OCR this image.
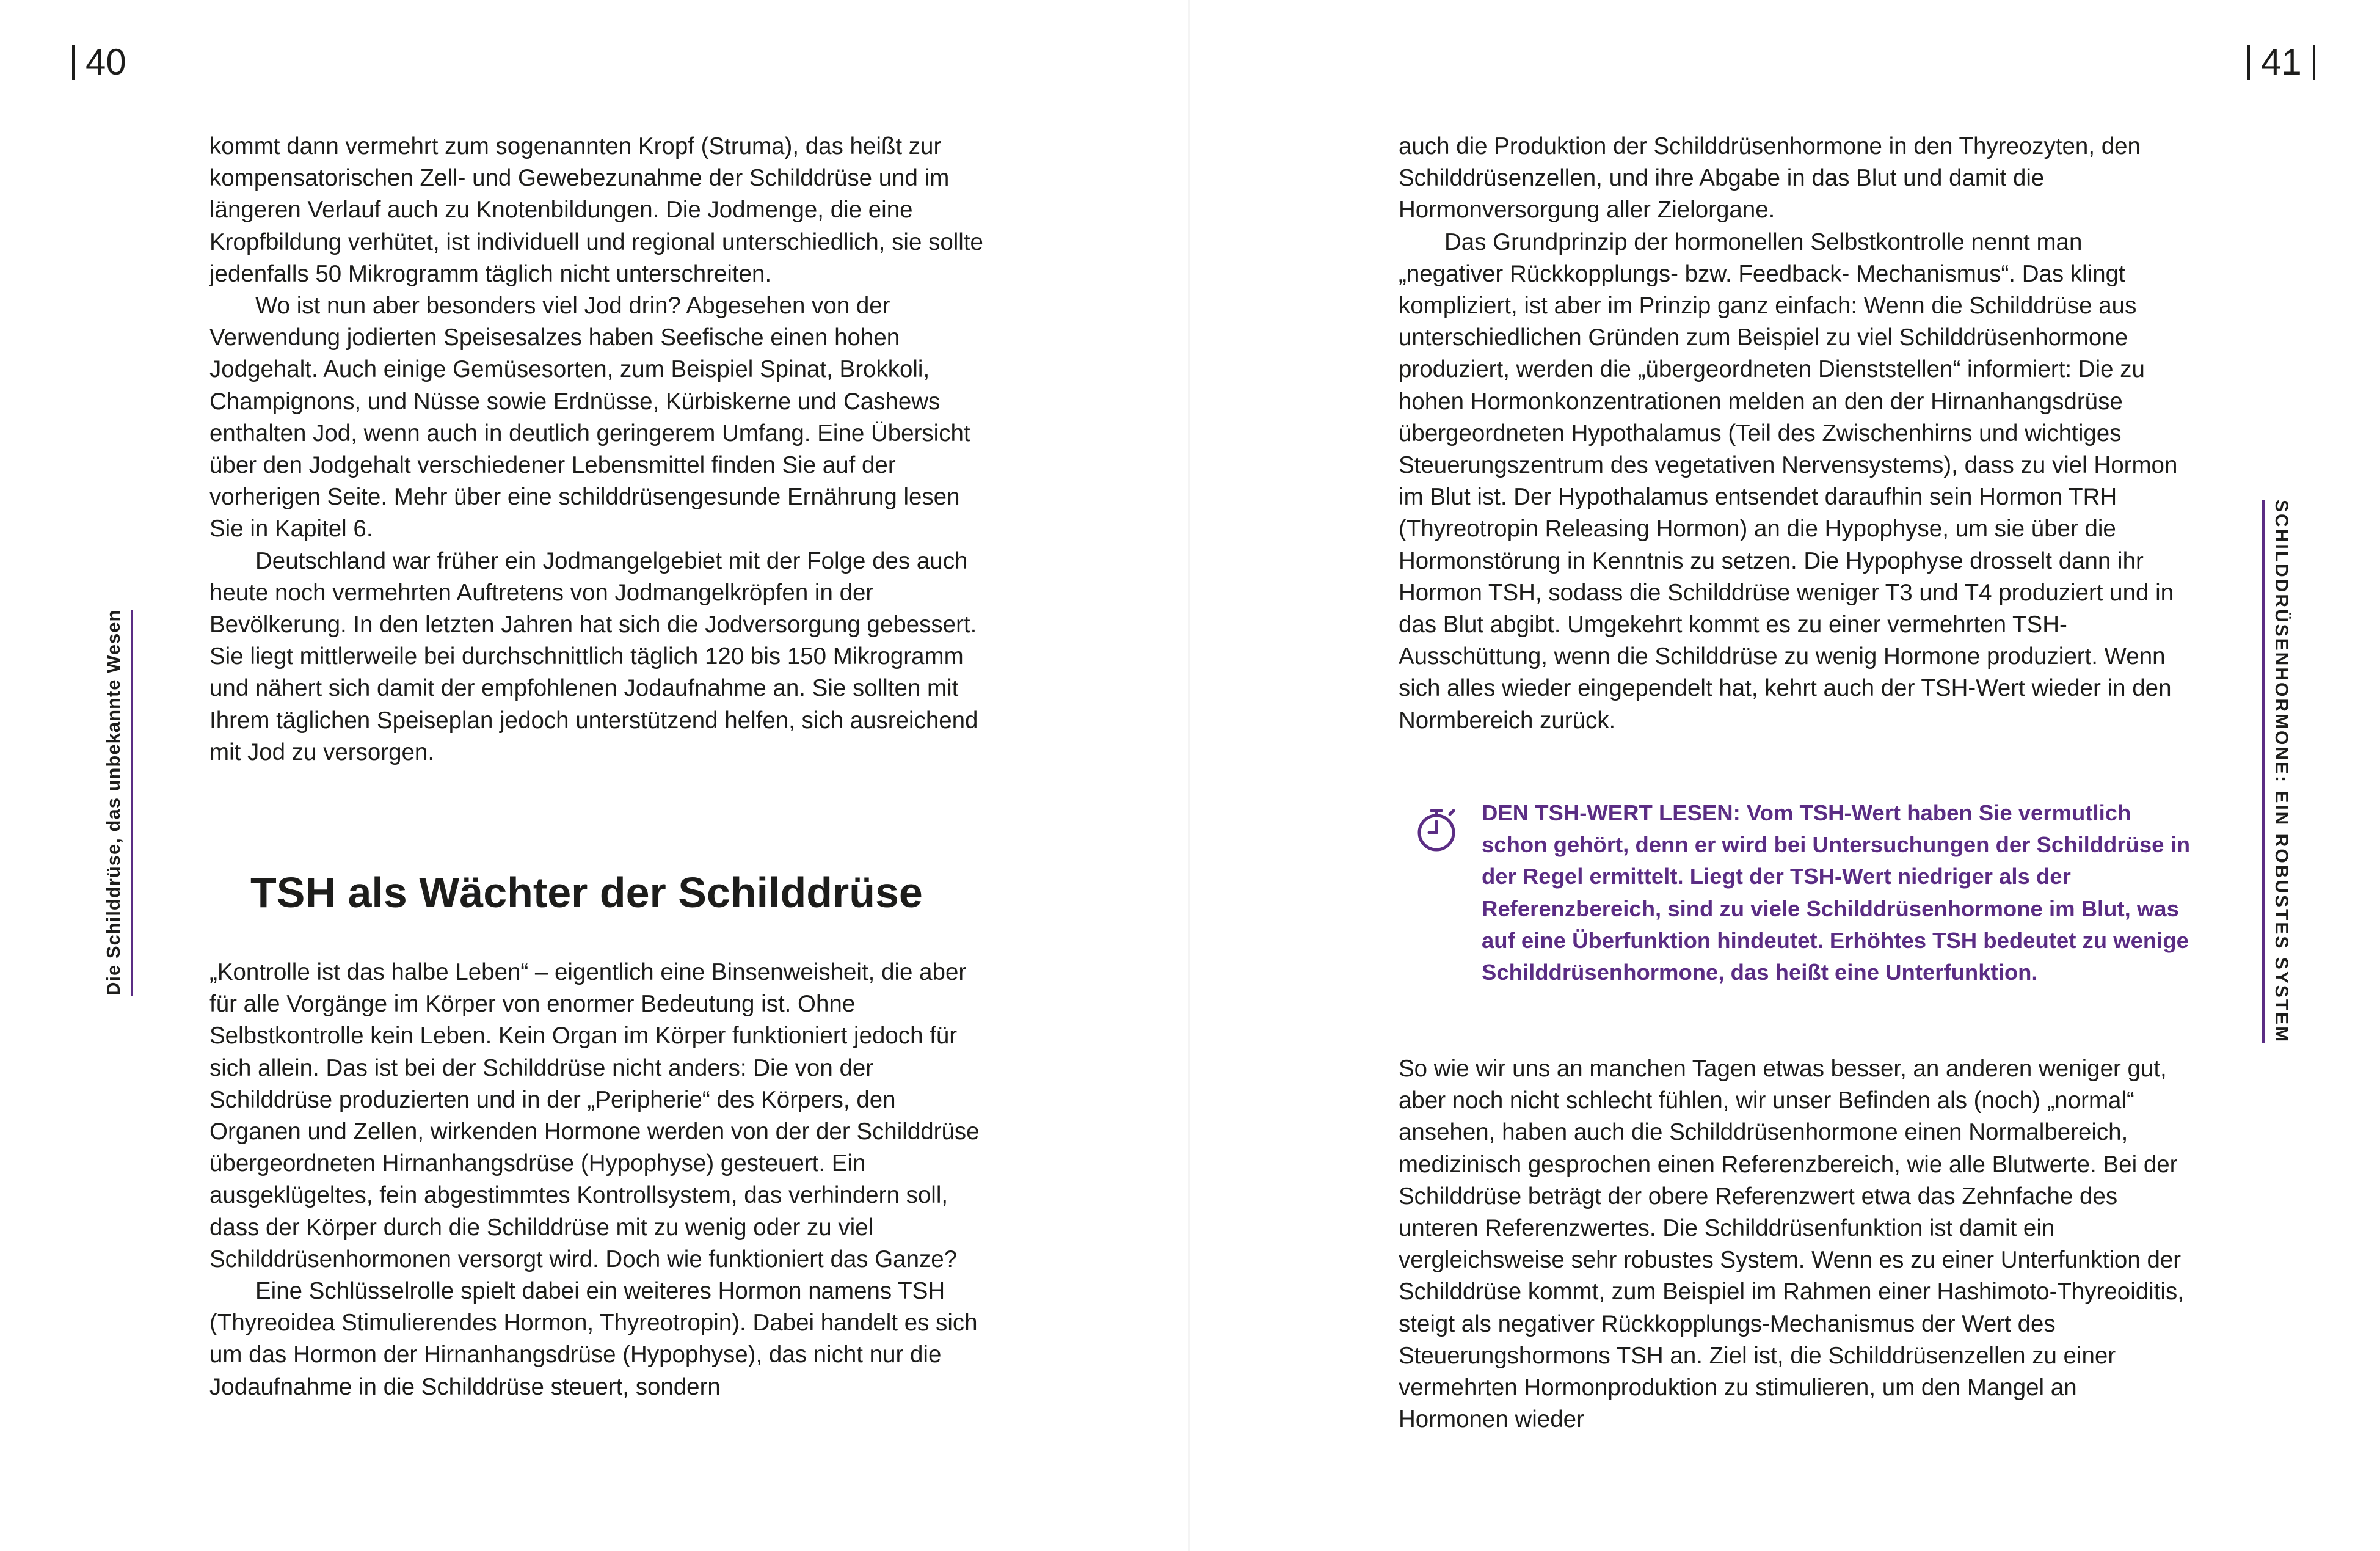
40
Die Schilddrüse, das unbekannte Wesen

kommt dann vermehrt zum sogenannten Kropf (Struma), das heißt zur kompensatorischen Zell- und Gewebezunahme der Schilddrüse und im längeren Verlauf auch zu Knotenbildungen. Die Jodmenge, die eine Kropfbildung verhütet, ist individuell und regional unterschiedlich, sie sollte jedenfalls 50 Mikrogramm täglich nicht unterschreiten.

Wo ist nun aber besonders viel Jod drin? Abgesehen von der Verwendung jodierten Speisesalzes haben Seefische einen hohen Jodgehalt. Auch einige Gemüsesorten, zum Beispiel Spinat, Brokkoli, Champignons, und Nüsse sowie Erdnüsse, Kürbiskerne und Cashews enthalten Jod, wenn auch in deutlich geringerem Umfang. Eine Übersicht über den Jodgehalt verschiedener Lebensmittel finden Sie auf der vorherigen Seite. Mehr über eine schilddrüsengesunde Ernährung lesen Sie in Kapitel 6.

Deutschland war früher ein Jodmangelgebiet mit der Folge des auch heute noch vermehrten Auftretens von Jodmangelkröpfen in der Bevölkerung. In den letzten Jahren hat sich die Jodversorgung gebessert. Sie liegt mittlerweile bei durchschnittlich täglich 120 bis 150 Mikrogramm und nähert sich damit der empfohlenen Jodaufnahme an. Sie sollten mit Ihrem täglichen Speiseplan jedoch unterstützend helfen, sich ausreichend mit Jod zu versorgen.

TSH als Wächter der Schilddrüse

„Kontrolle ist das halbe Leben“ – eigentlich eine Binsenweisheit, die aber für alle Vorgänge im Körper von enormer Bedeutung ist. Ohne Selbstkontrolle kein Leben. Kein Organ im Körper funktioniert jedoch für sich allein. Das ist bei der Schilddrüse nicht anders: Die von der Schilddrüse produzierten und in der „Peripherie“ des Körpers, den Organen und Zellen, wirkenden Hormone werden von der der Schilddrüse übergeordneten Hirnanhangsdrüse (Hypophyse) gesteuert. Ein ausgeklügeltes, fein abgestimmtes Kontrollsystem, das verhindern soll, dass der Körper durch die Schilddrüse mit zu wenig oder zu viel Schilddrüsenhormonen versorgt wird. Doch wie funktioniert das Ganze?

Eine Schlüsselrolle spielt dabei ein weiteres Hormon namens TSH (Thyreoidea Stimulierendes Hormon, Thyreotropin). Dabei handelt es sich um das Hormon der Hirnanhangsdrüse (Hypophyse), das nicht nur die Jodaufnahme in die Schilddrüse steuert, sondern

41
SCHILDDRÜSENHORMONE: EIN ROBUSTES SYSTEM

auch die Produktion der Schilddrüsenhormone in den Thyreozyten, den Schilddrüsenzellen, und ihre Abgabe in das Blut und damit die Hormonversorgung aller Zielorgane.

Das Grundprinzip der hormonellen Selbstkontrolle nennt man „negativer Rückkopplungs- bzw. Feedback- Mechanismus“. Das klingt kompliziert, ist aber im Prinzip ganz einfach: Wenn die Schilddrüse aus unterschiedlichen Gründen zum Beispiel zu viel Schilddrüsenhormone produziert, werden die „übergeordneten Dienststellen“ informiert: Die zu hohen Hormonkonzentrationen melden an den der Hirnanhangsdrüse übergeordneten Hypothalamus (Teil des Zwischenhirns und wichtiges Steuerungszentrum des vegetativen Nervensystems), dass zu viel Hormon im Blut ist. Der Hypothalamus entsendet daraufhin sein Hormon TRH (Thyreotropin Releasing Hormon) an die Hypophyse, um sie über die Hormonstörung in Kenntnis zu setzen. Die Hypophyse drosselt dann ihr Hormon TSH, sodass die Schilddrüse weniger T3 und T4 produziert und in das Blut abgibt. Umgekehrt kommt es zu einer vermehrten TSH-Ausschüttung, wenn die Schilddrüse zu wenig Hormone produziert. Wenn sich alles wieder eingependelt hat, kehrt auch der TSH-Wert wieder in den Normbereich zurück.

DEN TSH-WERT LESEN: Vom TSH-Wert haben Sie vermutlich schon gehört, denn er wird bei Untersuchungen der Schilddrüse in der Regel ermittelt. Liegt der TSH-Wert niedriger als der Referenzbereich, sind zu viele Schilddrüsenhormone im Blut, was auf eine Überfunktion hindeutet. Erhöhtes TSH bedeutet zu wenige Schilddrüsenhormone, das heißt eine Unterfunktion.

So wie wir uns an manchen Tagen etwas besser, an anderen weniger gut, aber noch nicht schlecht fühlen, wir unser Befinden als (noch) „normal“ ansehen, haben auch die Schilddrüsenhormone einen Normalbereich, medizinisch gesprochen einen Referenzbereich, wie alle Blutwerte. Bei der Schilddrüse beträgt der obere Referenzwert etwa das Zehnfache des unteren Referenzwertes. Die Schilddrüsenfunktion ist damit ein vergleichsweise sehr robustes System. Wenn es zu einer Unterfunktion der Schilddrüse kommt, zum Beispiel im Rahmen einer Hashimoto-Thyreoiditis, steigt als negativer Rückkopplungs-Mechanismus der Wert des Steuerungshormons TSH an. Ziel ist, die Schilddrüsenzellen zu einer vermehrten Hormonproduktion zu stimulieren, um den Mangel an Hormonen wieder
